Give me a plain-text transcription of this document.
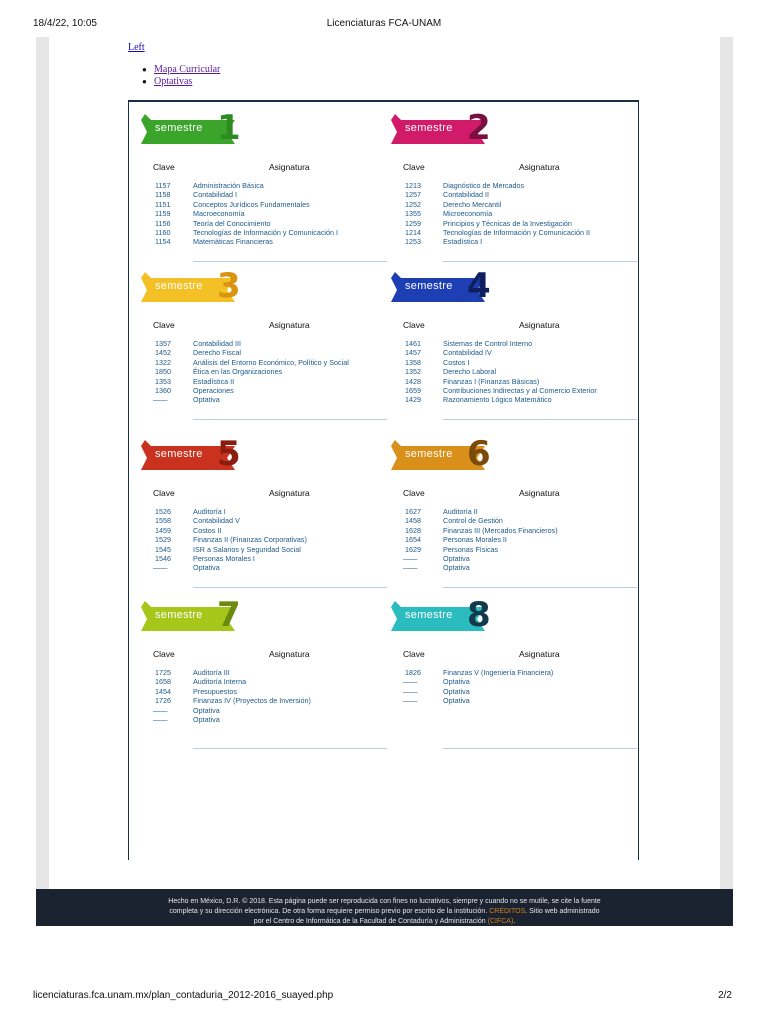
18/4/22, 10:05	Licenciaturas FCA-UNAM
Left
● Mapa Curricular
● Optativas
semestre 1
Clave	Asignatura
1157	Administración Básica
1158	Contabilidad I
1151	Conceptos Jurídicos Fundamentales
1159	Macroeconomía
1156	Teoría del Conocimiento
1160	Tecnologías de Información y Comunicación I
1154	Matemáticas Financieras
semestre 2
Clave	Asignatura
1213	Diagnóstico de Mercados
1257	Contabilidad II
1252	Derecho Mercantil
1355	Microeconomía
1259	Principios y Técnicas de la Investigación
1214	Tecnologías de Información y Comunicación II
1253	Estadística I
semestre 3
Clave	Asignatura
1357	Contabilidad III
1452	Derecho Fiscal
1322	Análisis del Entorno Económico, Político y Social
1850	Ética en las Organizaciones
1353	Estadística II
1360	Operaciones
——	Optativa
semestre 4
Clave	Asignatura
1461	Sistemas de Control Interno
1457	Contabilidad IV
1358	Costos I
1352	Derecho Laboral
1428	Finanzas I (Finanzas Básicas)
1659	Contribuciones Indirectas y al Comercio Exterior
1429	Razonamiento Lógico Matemático
semestre 5
Clave	Asignatura
1526	Auditoría I
1558	Contabilidad V
1459	Costos II
1529	Finanzas II (Finanzas Corporativas)
1545	ISR a Salarios y Seguridad Social
1546	Personas Morales I
——	Optativa
semestre 6
Clave	Asignatura
1627	Auditoría II
1458	Control de Gestión
1628	Finanzas III (Mercados Financieros)
1654	Personas Morales II
1629	Personas Físicas
——	Optativa
——	Optativa
semestre 7
Clave	Asignatura
1725	Auditoría III
1658	Auditoría Interna
1454	Presupuestos
1726	Finanzas IV (Proyectos de Inversión)
——	Optativa
——	Optativa
semestre 8
Clave	Asignatura
1826	Finanzas V (Ingeniería Financiera)
——	Optativa
——	Optativa
——	Optativa
Hecho en México, D.R. © 2018. Esta página puede ser reproducida con fines no lucrativos, siempre y cuando no se mutile, se cite la fuente
completa y su dirección electrónica. De otra forma requiere permiso previo por escrito de la institución. CRÉDITOS. Sitio web administrado
por el Centro de Informática de la Facultad de Contaduría y Administración (CIFCA).
licenciaturas.fca.unam.mx/plan_contaduria_2012-2016_suayed.php	2/2
